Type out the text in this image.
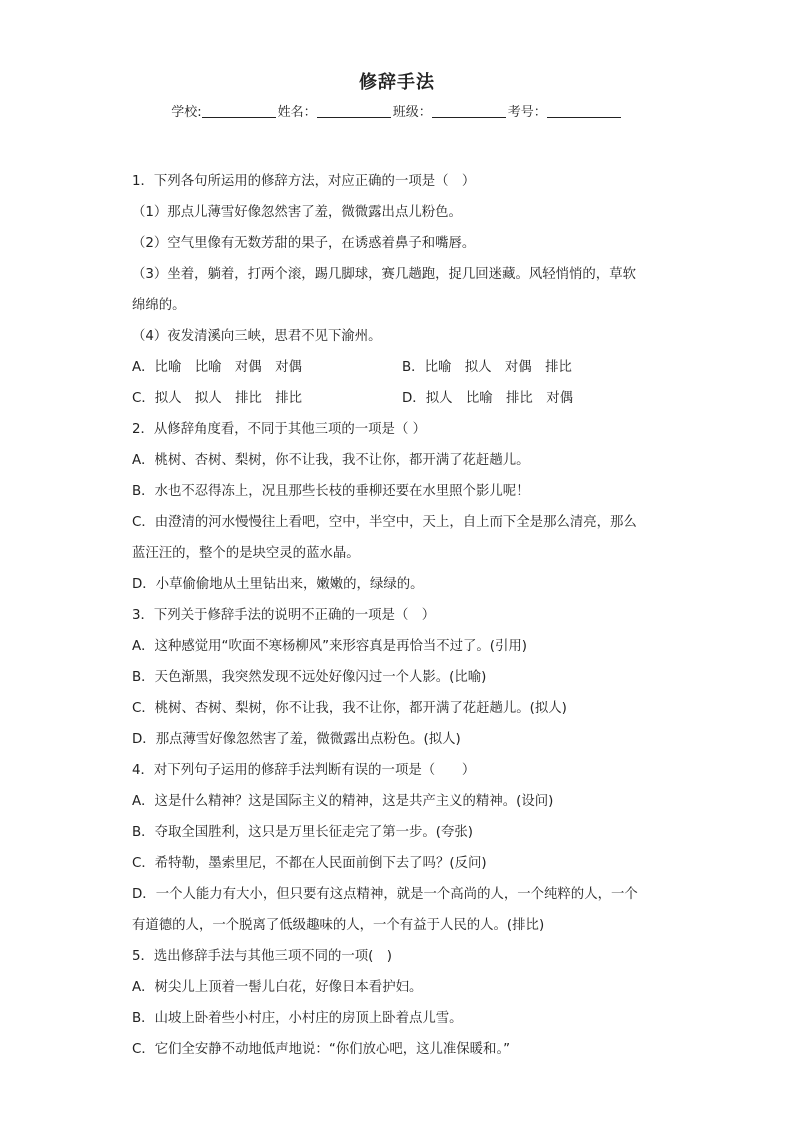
修辞手法
学校:	姓名：	班级：	考号：
1．下列各句所运用的修辞方法，对应正确的一项是（　）
（1）那点儿薄雪好像忽然害了羞，微微露出点儿粉色。
（2）空气里像有无数芳甜的果子，在诱惑着鼻子和嘴唇。
（3）坐着，躺着，打两个滚，踢几脚球，赛几趟跑，捉几回迷藏。风轻悄悄的，草软
绵绵的。
（4）夜发清溪向三峡，思君不见下渝州。
A．比喻　比喻　对偶　对偶	B．比喻　拟人　对偶　排比
C．拟人　拟人　排比　排比	D．拟人　比喻　排比　对偶
2．从修辞角度看，不同于其他三项的一项是（ ）
A．桃树、杏树、梨树，你不让我，我不让你，都开满了花赶趟儿。
B．水也不忍得冻上，况且那些长枝的垂柳还要在水里照个影儿呢！
C．由澄清的河水慢慢往上看吧，空中，半空中，天上，自上而下全是那么清亮，那么
蓝汪汪的，整个的是块空灵的蓝水晶。
D．小草偷偷地从土里钻出来，嫩嫩的，绿绿的。
3．下列关于修辞手法的说明不正确的一项是（　）
A．这种感觉用“吹面不寒杨柳风”来形容真是再恰当不过了。(引用)
B．天色渐黑，我突然发现不远处好像闪过一个人影。(比喻)
C．桃树、杏树、梨树，你不让我，我不让你，都开满了花赶趟儿。(拟人)
D．那点薄雪好像忽然害了羞，微微露出点粉色。(拟人)
4．对下列句子运用的修辞手法判断有误的一项是（　　）
A．这是什么精神？这是国际主义的精神，这是共产主义的精神。(设问)
B．夺取全国胜利，这只是万里长征走完了第一步。(夸张)
C．希特勒，墨索里尼，不都在人民面前倒下去了吗？(反问)
D．一个人能力有大小，但只要有这点精神，就是一个高尚的人，一个纯粹的人，一个
有道德的人，一个脱离了低级趣味的人，一个有益于人民的人。(排比)
5．选出修辞手法与其他三项不同的一项(　)
A．树尖儿上顶着一髻儿白花，好像日本看护妇。
B．山坡上卧着些小村庄，小村庄的房顶上卧着点儿雪。
C．它们全安静不动地低声地说：“你们放心吧，这儿准保暖和。”
